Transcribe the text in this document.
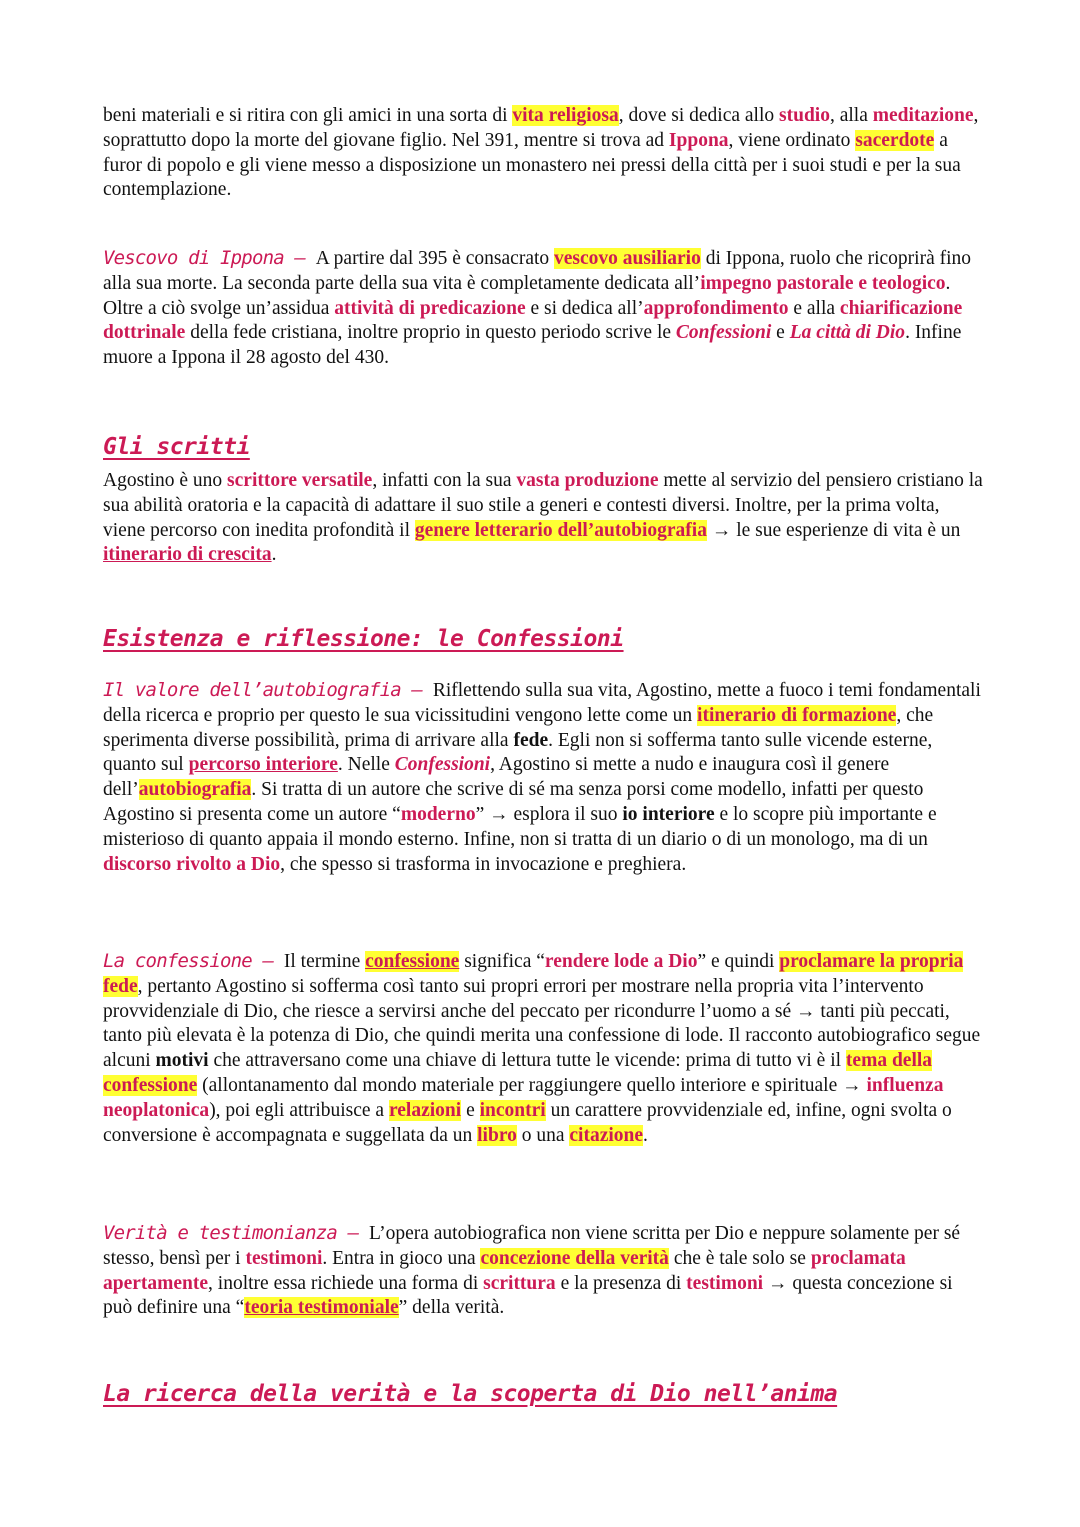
beni materiali e si ritira con gli amici in una sorta di vita religiosa, dove si dedica allo studio, alla meditazione, soprattutto dopo la morte del giovane figlio. Nel 391, mentre si trova ad Ippona, viene ordinato sacerdote a furor di popolo e gli viene messo a disposizione un monastero nei pressi della città per i suoi studi e per la sua contemplazione.

Vescovo di Ippona – A partire dal 395 è consacrato vescovo ausiliario di Ippona, ruolo che ricoprirà fino alla sua morte. La seconda parte della sua vita è completamente dedicata all’impegno pastorale e teologico. Oltre a ciò svolge un’assidua attività di predicazione e si dedica all’approfondimento e alla chiarificazione dottrinale della fede cristiana, inoltre proprio in questo periodo scrive le Confessioni e La città di Dio. Infine muore a Ippona il 28 agosto del 430.

Gli scritti

Agostino è uno scrittore versatile, infatti con la sua vasta produzione mette al servizio del pensiero cristiano la sua abilità oratoria e la capacità di adattare il suo stile a generi e contesti diversi. Inoltre, per la prima volta, viene percorso con inedita profondità il genere letterario dell’autobiografia → le sue esperienze di vita è un itinerario di crescita.

Esistenza e riflessione: le Confessioni

Il valore dell’autobiografia – Riflettendo sulla sua vita, Agostino, mette a fuoco i temi fondamentali della ricerca e proprio per questo le sua vicissitudini vengono lette come un itinerario di formazione, che sperimenta diverse possibilità, prima di arrivare alla fede. Egli non si sofferma tanto sulle vicende esterne, quanto sul percorso interiore. Nelle Confessioni, Agostino si mette a nudo e inaugura così il genere dell’autobiografia. Si tratta di un autore che scrive di sé ma senza porsi come modello, infatti per questo Agostino si presenta come un autore “moderno” → esplora il suo io interiore e lo scopre più importante e misterioso di quanto appaia il mondo esterno. Infine, non si tratta di un diario o di un monologo, ma di un discorso rivolto a Dio, che spesso si trasforma in invocazione e preghiera.

La confessione – Il termine confessione significa “rendere lode a Dio” e quindi proclamare la propria fede, pertanto Agostino si sofferma così tanto sui propri errori per mostrare nella propria vita l’intervento provvidenziale di Dio, che riesce a servirsi anche del peccato per ricondurre l’uomo a sé → tanti più peccati, tanto più elevata è la potenza di Dio, che quindi merita una confessione di lode. Il racconto autobiografico segue alcuni motivi che attraversano come una chiave di lettura tutte le vicende: prima di tutto vi è il tema della confessione (allontanamento dal mondo materiale per raggiungere quello interiore e spirituale → influenza neoplatonica), poi egli attribuisce a relazioni e incontri un carattere provvidenziale ed, infine, ogni svolta o conversione è accompagnata e suggellata da un libro o una citazione.

Verità e testimonianza – L’opera autobiografica non viene scritta per Dio e neppure solamente per sé stesso, bensì per i testimoni. Entra in gioco una concezione della verità che è tale solo se proclamata apertamente, inoltre essa richiede una forma di scrittura e la presenza di testimoni → questa concezione si può definire una “teoria testimoniale” della verità.

La ricerca della verità e la scoperta di Dio nell’anima
